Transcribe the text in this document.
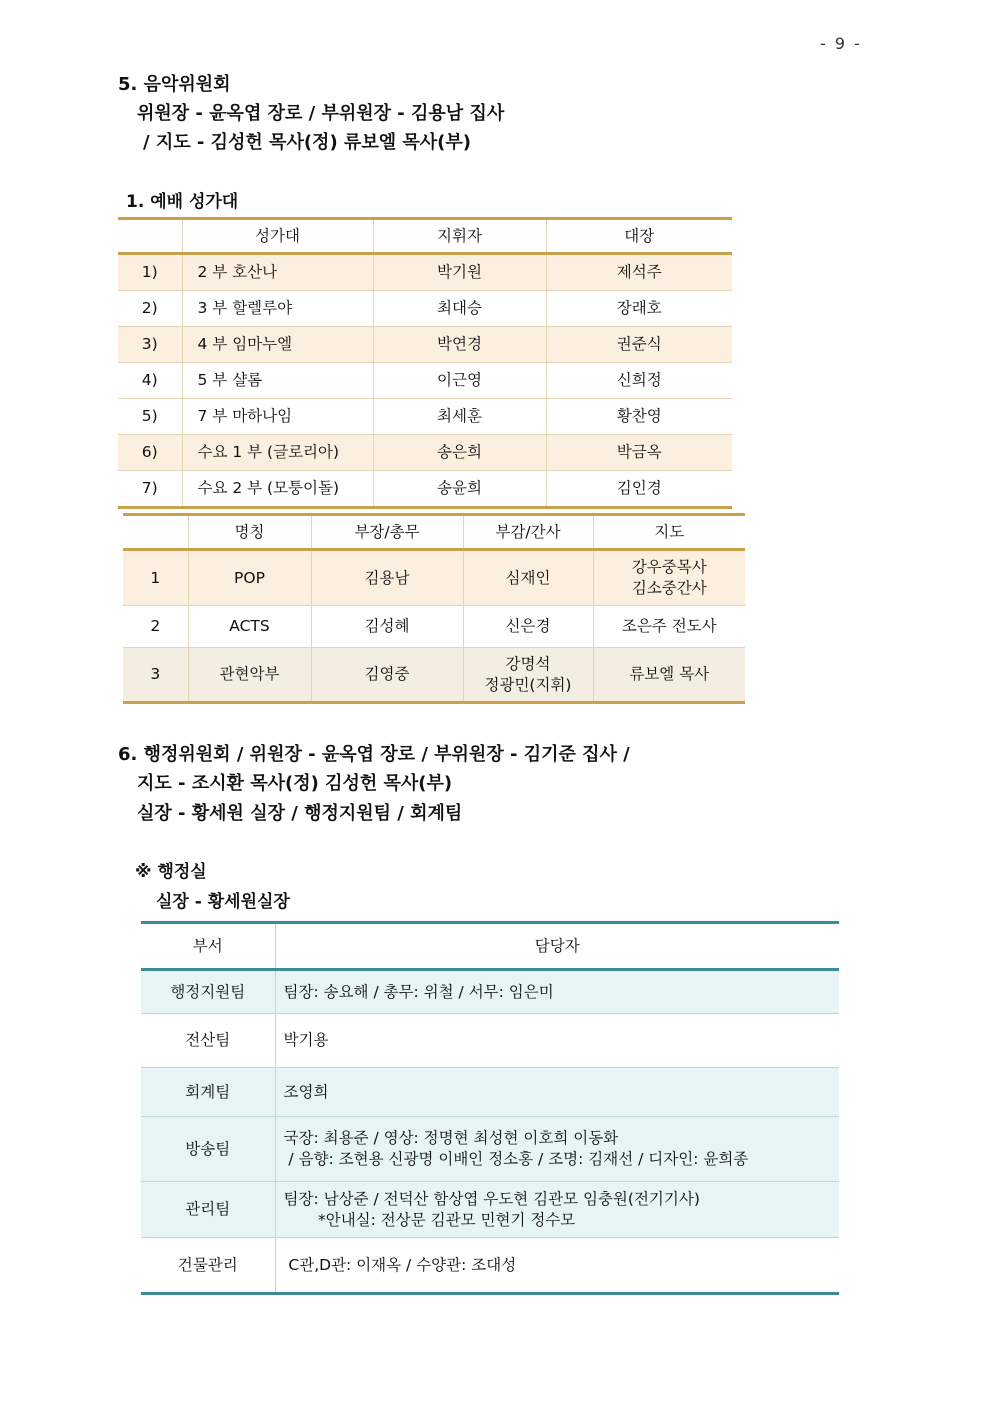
- 9 -
5. 음악위원회
위원장 - 윤옥엽 장로 / 부위원장 - 김용남 집사
/ 지도 - 김성헌 목사(정) 류보엘 목사(부)
1. 예배 성가대
	성가대	지휘자	대장
1)	2 부 호산나	박기원	제석주
2)	3 부 할렐루야	최대승	장래호
3)	4 부 임마누엘	박연경	권준식
4)	5 부 샬롬	이근영	신희정
5)	7 부 마하나임	최세훈	황찬영
6)	수요 1 부 (글로리아)	송은희	박금옥
7)	수요 2 부 (모퉁이돌)	송윤희	김인경
	명칭	부장/총무	부감/간사	지도
1	POP	김용남	심재인	강우중목사
김소중간사

2	ACTS	김성혜	신은경	조은주 전도사

3	관현악부	김영중	강명석
정광민(지휘)	류보엘 목사
6. 행정위원회 / 위원장 - 윤옥엽 장로 / 부위원장 - 김기준 집사 /
지도 - 조시환 목사(정) 김성헌 목사(부)
실장 - 황세원 실장 / 행정지원팀 / 회계팀
※ 행정실
실장 - 황세원실장
부서	담당자
행정지원팀	팀장: 송요해 / 총무: 위철 / 서무: 임은미

전산팀	박기용

회계팀	조영희

방송팀	국장: 최용준 / 영상: 정명현 최성현 이호희 이동화
/ 음향: 조현용 신광명 이배인 정소홍 / 조명: 김재선 / 디자인: 윤희종

관리팀	팀장: 남상준 / 전덕산 함상엽 우도현 김관모 임충원(전기기사)
*안내실: 전상문 김관모 민현기 정수모

건물관리	C관,D관: 이재옥 / 수양관: 조대성
